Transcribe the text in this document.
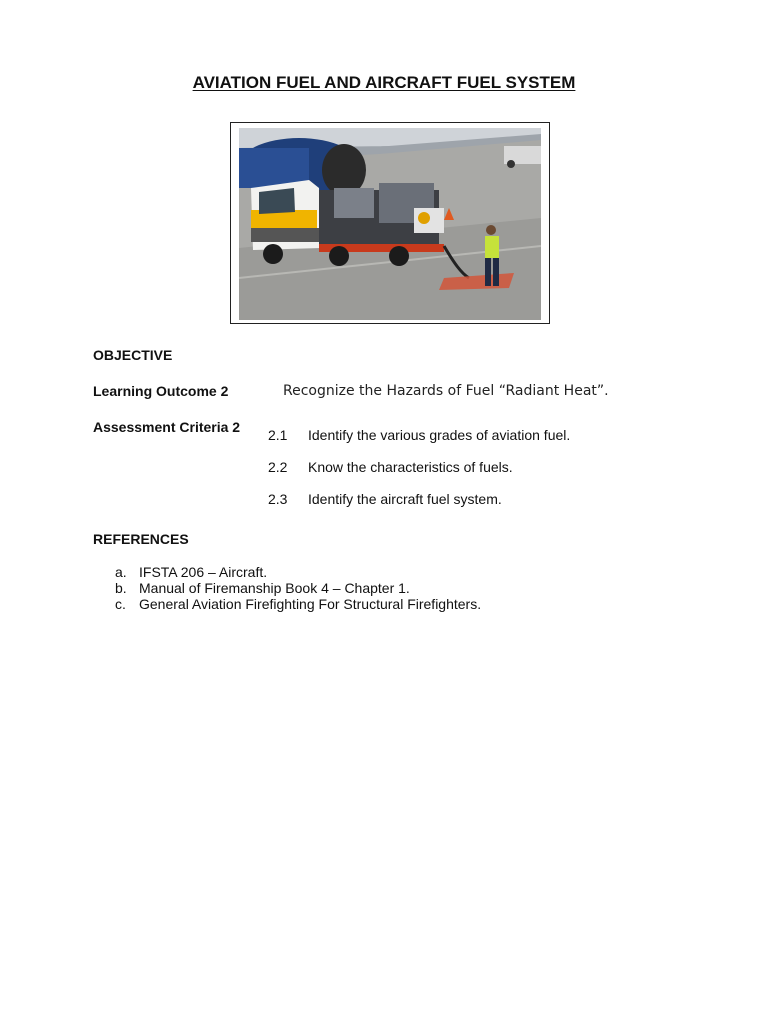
AVIATION FUEL AND AIRCRAFT FUEL SYSTEM
OBJECTIVE
Learning Outcome 2	Recognize the Hazards of Fuel “Radiant Heat”.
Assessment Criteria 2 2.1 Identify the various grades of aviation fuel.
2.2 Know the characteristics of fuels.
2.3 Identify the aircraft fuel system.
REFERENCES
a. IFSTA 206 – Aircraft.
b. Manual of Firemanship Book 4 – Chapter 1.
c. General Aviation Firefighting For Structural Firefighters.
